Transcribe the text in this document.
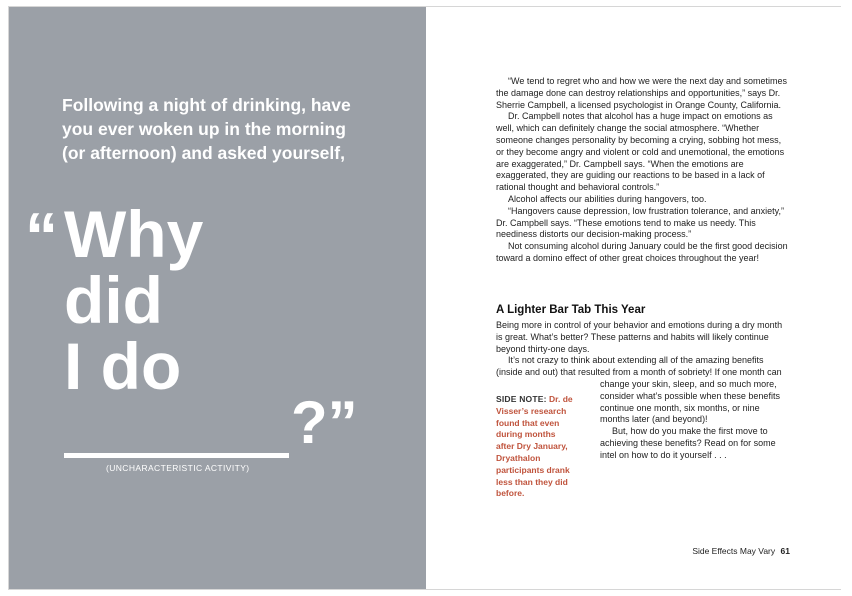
Following a night of drinking, have you ever woken up in the morning (or afternoon) and asked yourself,

“ Why
did
I do
?”
(UNCHARACTERISTIC ACTIVITY)

“We tend to regret who and how we were the next day and sometimes the damage done can destroy relationships and opportunities,” says Dr. Sherrie Campbell, a licensed psychologist in Orange County, California.

Dr. Campbell notes that alcohol has a huge impact on emotions as well, which can definitely change the social atmosphere. “Whether someone changes personality by becoming a crying, sobbing hot mess, or they become angry and violent or cold and unemotional, the emotions are exaggerated,” Dr. Campbell says. “When the emotions are exaggerated, they are guiding our reactions to be based in a lack of rational thought and behavioral controls.”

Alcohol affects our abilities during hangovers, too.

“Hangovers cause depression, low frustration tolerance, and anxiety,” Dr. Campbell says. “These emotions tend to make us needy. This neediness distorts our decision-making process.”

Not consuming alcohol during January could be the first good decision toward a domino effect of other great choices throughout the year!

A Lighter Bar Tab This Year

Being more in control of your behavior and emotions during a dry month is great. What’s better? These patterns and habits will likely continue beyond thirty-one days.

It’s not crazy to think about extending all of the amazing benefits (inside and out) that resulted from a month of sobriety! If one month can

change your skin, sleep, and so much more, consider what’s possible when these benefits continue one month, six months, or nine months later (and beyond)!

But, how do you make the first move to achieving these benefits? Read on for some intel on how to do it yourself . . .

SIDE NOTE: Dr. de Visser’s research found that even during months after Dry January, Dryathalon participants drank less than they did before.
Side Effects May Vary 61
